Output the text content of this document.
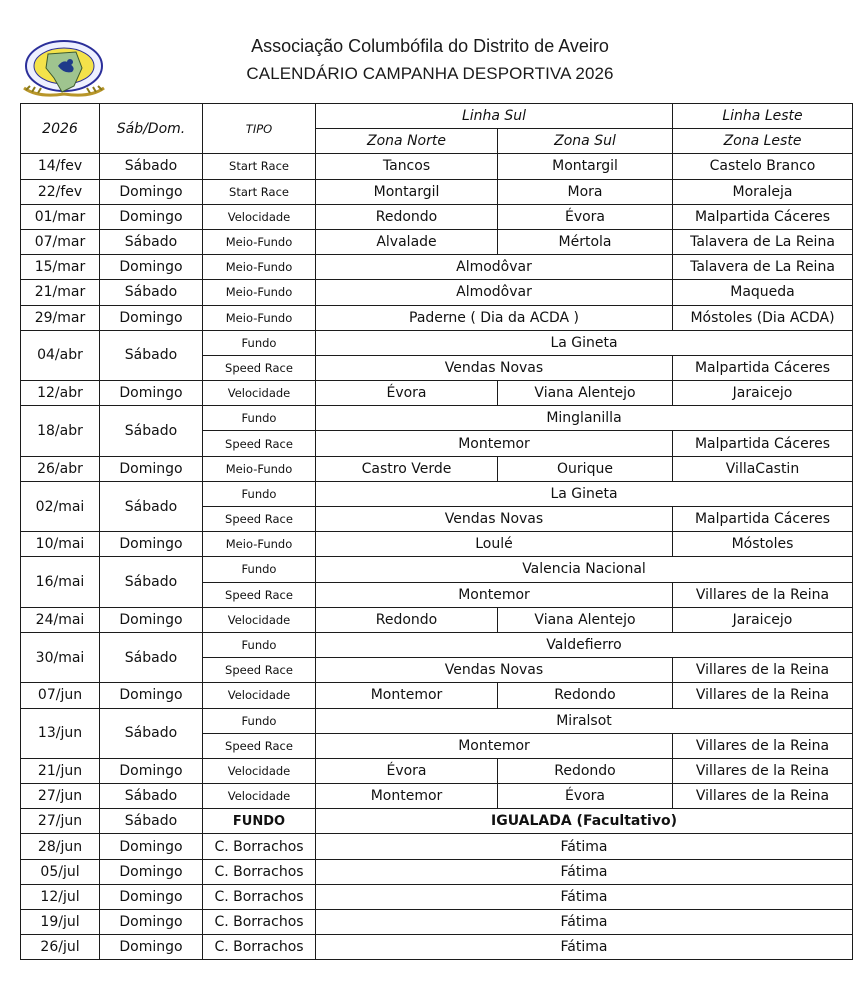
Associação Columbófila do Distrito de Aveiro
CALENDÁRIO CAMPANHA DESPORTIVA 2026
2026	Sáb/Dom.	TIPO	Linha Sul		Linha Leste
			Zona Norte	Zona Sul	Zona Leste
14/fev	Sábado	Start Race	Tancos	Montargil	Castelo Branco
22/fev	Domingo	Start Race	Montargil	Mora	Moraleja
01/mar	Domingo	Velocidade	Redondo	Évora	Malpartida Cáceres
07/mar	Sábado	Meio-Fundo	Alvalade	Mértola	Talavera de La Reina
15/mar	Domingo	Meio-Fundo	Almodôvar		Talavera de La Reina
21/mar	Sábado	Meio-Fundo	Almodôvar		Maqueda
29/mar	Domingo	Meio-Fundo	Paderne ( Dia da ACDA )		Móstoles (Dia ACDA)
04/abr	Sábado	Fundo	La Gineta		
		Speed Race	Vendas Novas		Malpartida Cáceres
12/abr	Domingo	Velocidade	Évora	Viana Alentejo	Jaraicejo
18/abr	Sábado	Fundo	Minglanilla		
		Speed Race	Montemor		Malpartida Cáceres
26/abr	Domingo	Meio-Fundo	Castro Verde	Ourique	VillaCastin
02/mai	Sábado	Fundo	La Gineta		
		Speed Race	Vendas Novas		Malpartida Cáceres
10/mai	Domingo	Meio-Fundo	Loulé		Móstoles
16/mai	Sábado	Fundo	Valencia Nacional		
		Speed Race	Montemor		Villares de la Reina
24/mai	Domingo	Velocidade	Redondo	Viana Alentejo	Jaraicejo
30/mai	Sábado	Fundo	Valdefierro		
		Speed Race	Vendas Novas		Villares de la Reina
07/jun	Domingo	Velocidade	Montemor	Redondo	Villares de la Reina
13/jun	Sábado	Fundo	Miralsot		
		Speed Race	Montemor		Villares de la Reina
21/jun	Domingo	Velocidade	Évora	Redondo	Villares de la Reina
27/jun	Sábado	Velocidade	Montemor	Évora	Villares de la Reina
27/jun	Sábado	FUNDO	IGUALADA (Facultativo)		
28/jun	Domingo	C. Borrachos	Fátima		
05/jul	Domingo	C. Borrachos	Fátima		
12/jul	Domingo	C. Borrachos	Fátima		
19/jul	Domingo	C. Borrachos	Fátima		
26/jul	Domingo	C. Borrachos	Fátima		
